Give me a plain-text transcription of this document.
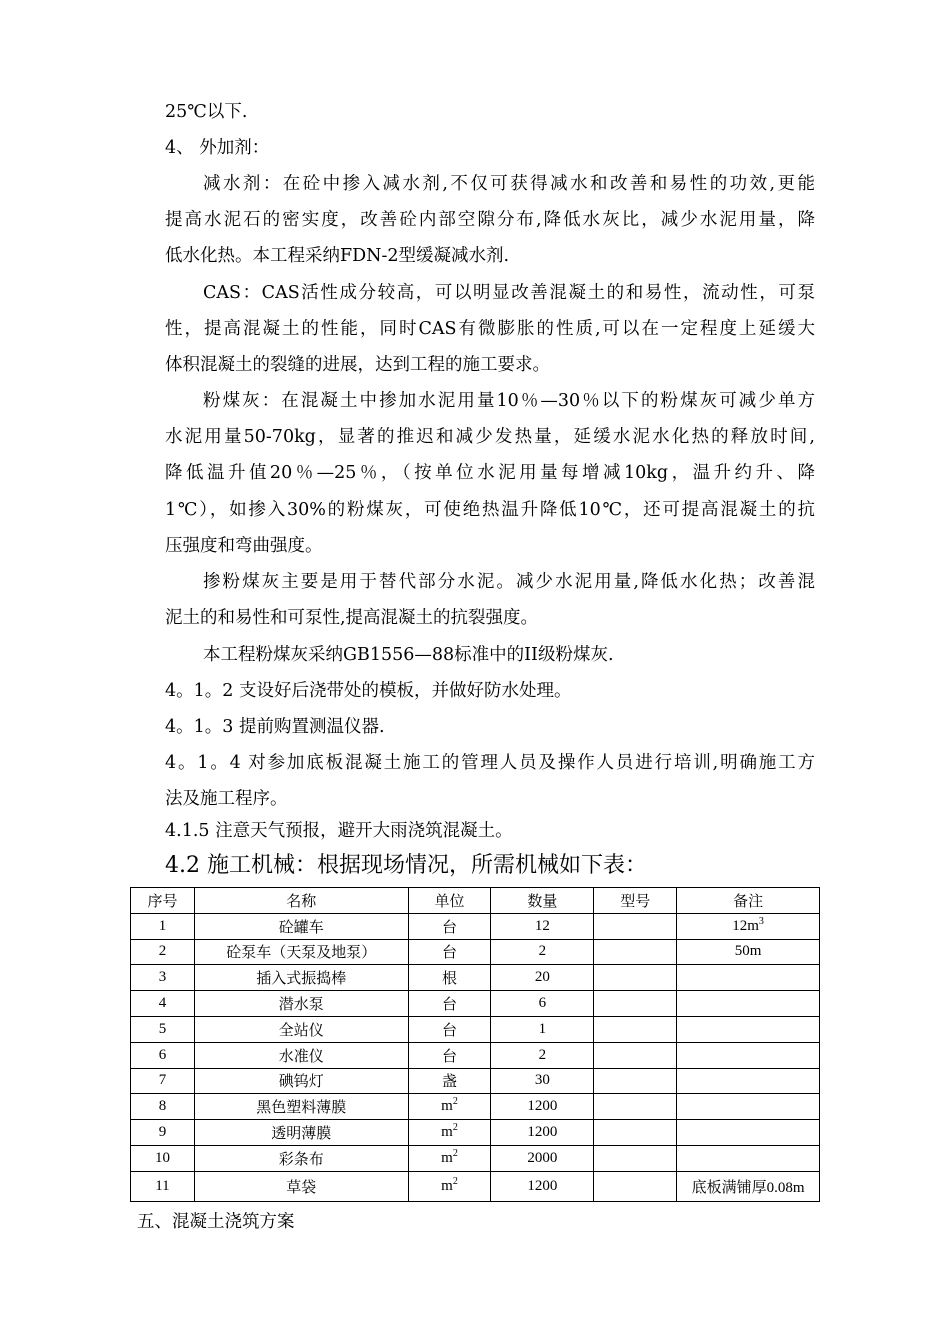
25℃以下.
4、 外加剂：
减水剂：在砼中掺入减水剂,不仅可获得减水和改善和易性的功效,更能
提高水泥石的密实度，改善砼内部空隙分布,降低水灰比，减少水泥用量，降
低水化热。本工程采纳FDN-2型缓凝减水剂.
CAS：CAS活性成分较高，可以明显改善混凝土的和易性，流动性，可泵
性，提高混凝土的性能，同时CAS有微膨胀的性质,可以在一定程度上延缓大
体积混凝土的裂缝的进展，达到工程的施工要求。
粉煤灰：在混凝土中掺加水泥用量10％—30％以下的粉煤灰可减少单方
水泥用量50-70kg，显著的推迟和减少发热量，延缓水泥水化热的释放时间,
降低温升值20％—25％，（按单位水泥用量每增减10kg，温升约升、降
1℃），如掺入30%的粉煤灰，可使绝热温升降低10℃，还可提高混凝土的抗
压强度和弯曲强度。
掺粉煤灰主要是用于替代部分水泥。减少水泥用量,降低水化热；改善混
泥土的和易性和可泵性,提高混凝土的抗裂强度。
本工程粉煤灰采纳GB1556—88标准中的II级粉煤灰.
4。1。2 支设好后浇带处的模板，并做好防水处理。
4。1。3 提前购置测温仪器.
4。1。4 对参加底板混凝土施工的管理人员及操作人员进行培训,明确施工方
法及施工程序。
4.1.5 注意天气预报，避开大雨浇筑混凝土。
4.2 施工机械：根据现场情况，所需机械如下表：
序号	名称	单位	数量	型号	备注
1	砼罐车	台	12		$12m^3$
2	砼泵车（天泵及地泵）	台	2		50m
3	插入式振捣棒	根	20		
4	潜水泵	台	6		
5	全站仪	台	1		
6	水准仪	台	2		
7	碘钨灯	盏	30		
8	黑色塑料薄膜	$m^2$	1200		
9	透明薄膜	$m^2$	1200		
10	彩条布	$m^2$	2000		
11	草袋	$m^2$	1200		底板满铺厚0.08m
五、混凝土浇筑方案
